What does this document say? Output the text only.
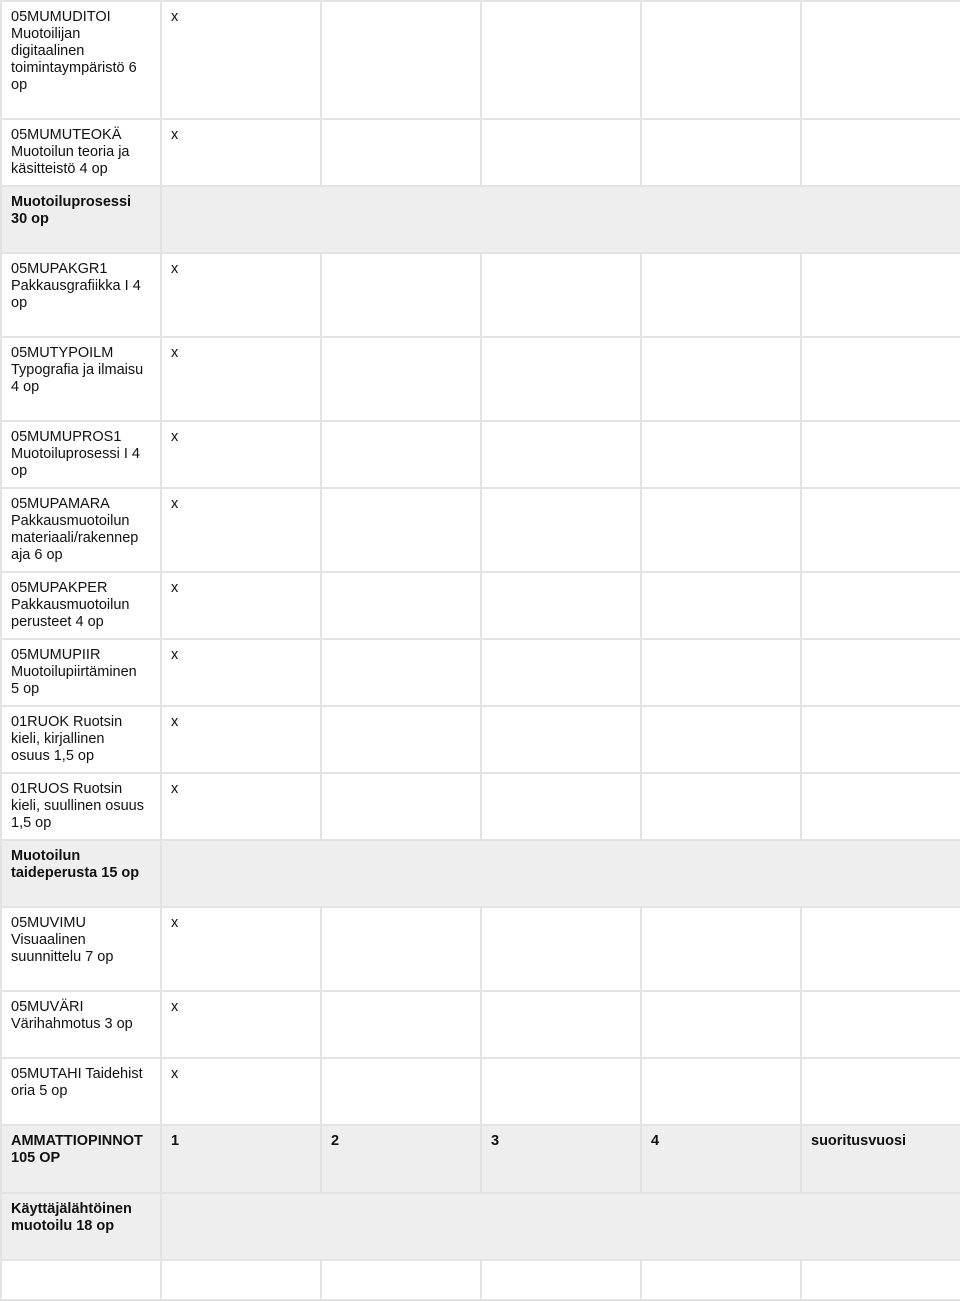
05MUMUDITOI
Muotoilijan
digitaalinen
toimintaympäristö 6
op	x				
05MUMUTEOKÄ
Muotoilun teoria ja
käsitteistö 4 op	x				
Muotoiluprosessi
30 op					
05MUPAKGR1
Pakkausgrafiikka I 4
op	x				
05MUTYPOILM
Typografia ja ilmaisu
4 op	x				
05MUMUPROS1
Muotoiluprosessi I 4
op	x				
05MUPAMARA
Pakkausmuotoilun
materiaali/rakennep
aja 6 op	x				
05MUPAKPER
Pakkausmuotoilun
perusteet 4 op	x				
05MUMUPIIR
Muotoilupiirtäminen
5 op	x				
01RUOK Ruotsin
kieli, kirjallinen
osuus 1,5 op	x				
01RUOS Ruotsin
kieli, suullinen osuus
1,5 op	x				
Muotoilun
taideperusta 15 op					
05MUVIMU
Visuaalinen
suunnittelu 7 op	x				
05MUVÄRI
Värihahmotus 3 op	x				
05MUTAHI Taidehist
oria 5 op	x				
AMMATTIOPINNOT
105 OP	1	2	3	4	suoritusvuosi
Käyttäjälähtöinen
muotoilu 18 op					
